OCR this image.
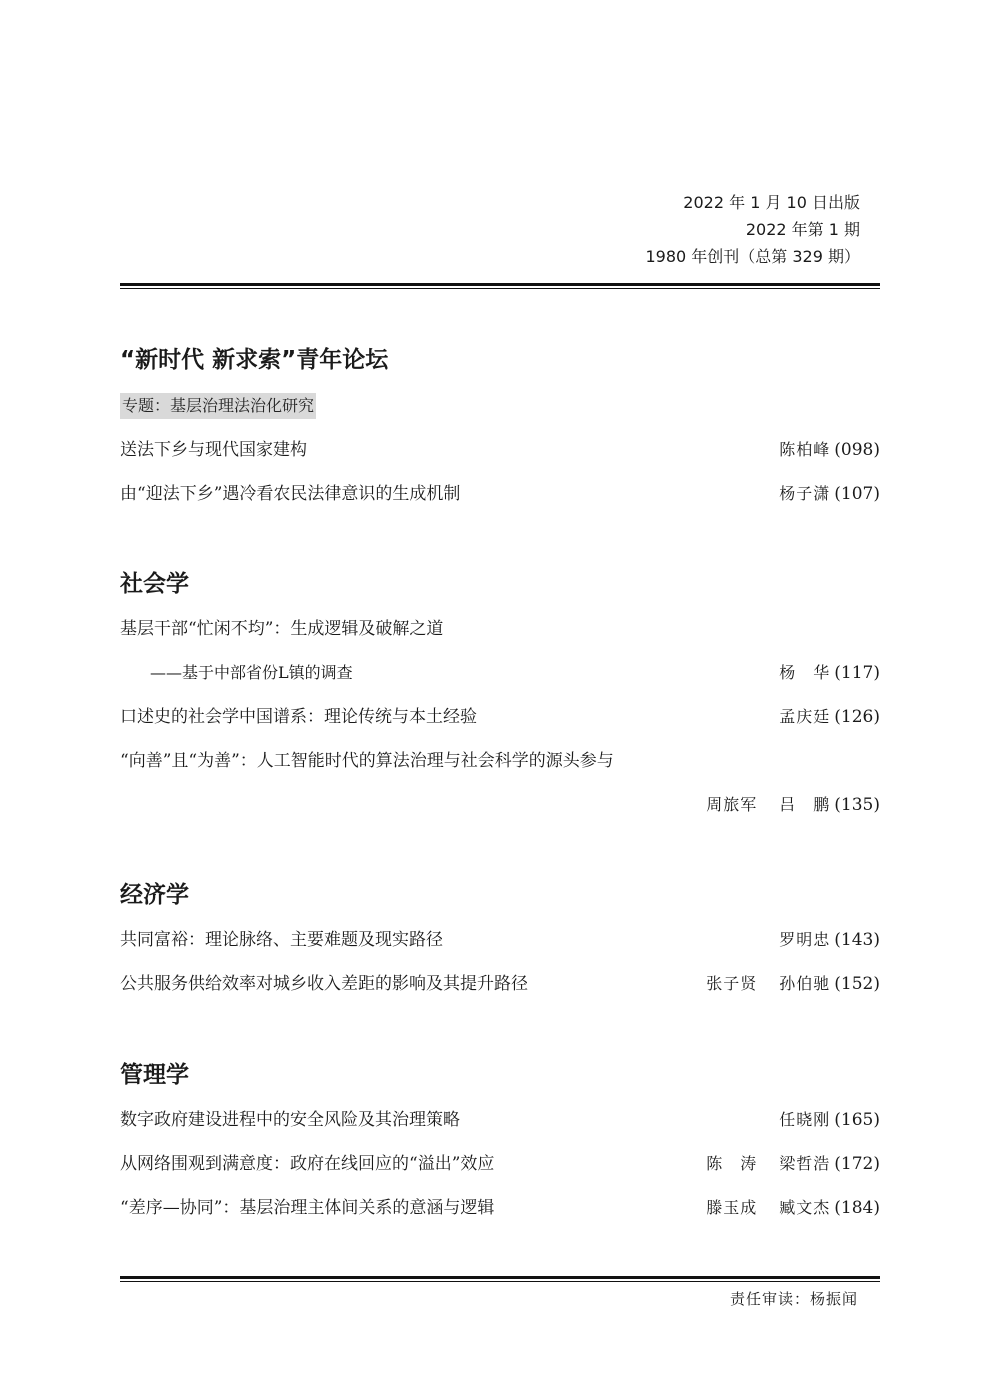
2022 年 1 月 10 日出版
2022 年第 1 期
1980 年创刊（总第 329 期）
“新时代 新求索”青年论坛
专题：基层治理法治化研究
送法下乡与现代国家建构	陈柏峰 (098)
由“迎法下乡”遇冷看农民法律意识的生成机制	杨子潇 (107)
社会学
基层干部“忙闲不均”：生成逻辑及破解之道
——基于中部省份L镇的调查	杨　华 (117)
口述史的社会学中国谱系：理论传统与本土经验	孟庆廷 (126)
“向善”且“为善”：人工智能时代的算法治理与社会科学的源头参与
周旅军 吕　鹏 (135)
经济学
共同富裕：理论脉络、主要难题及现实路径	罗明忠 (143)
公共服务供给效率对城乡收入差距的影响及其提升路径	张子贤 孙伯驰 (152)
管理学
数字政府建设进程中的安全风险及其治理策略	任晓刚 (165)
从网络围观到满意度：政府在线回应的“溢出”效应	陈　涛 梁哲浩 (172)
“差序—协同”：基层治理主体间关系的意涵与逻辑	滕玉成 臧文杰 (184)
责任审读：杨振闻
